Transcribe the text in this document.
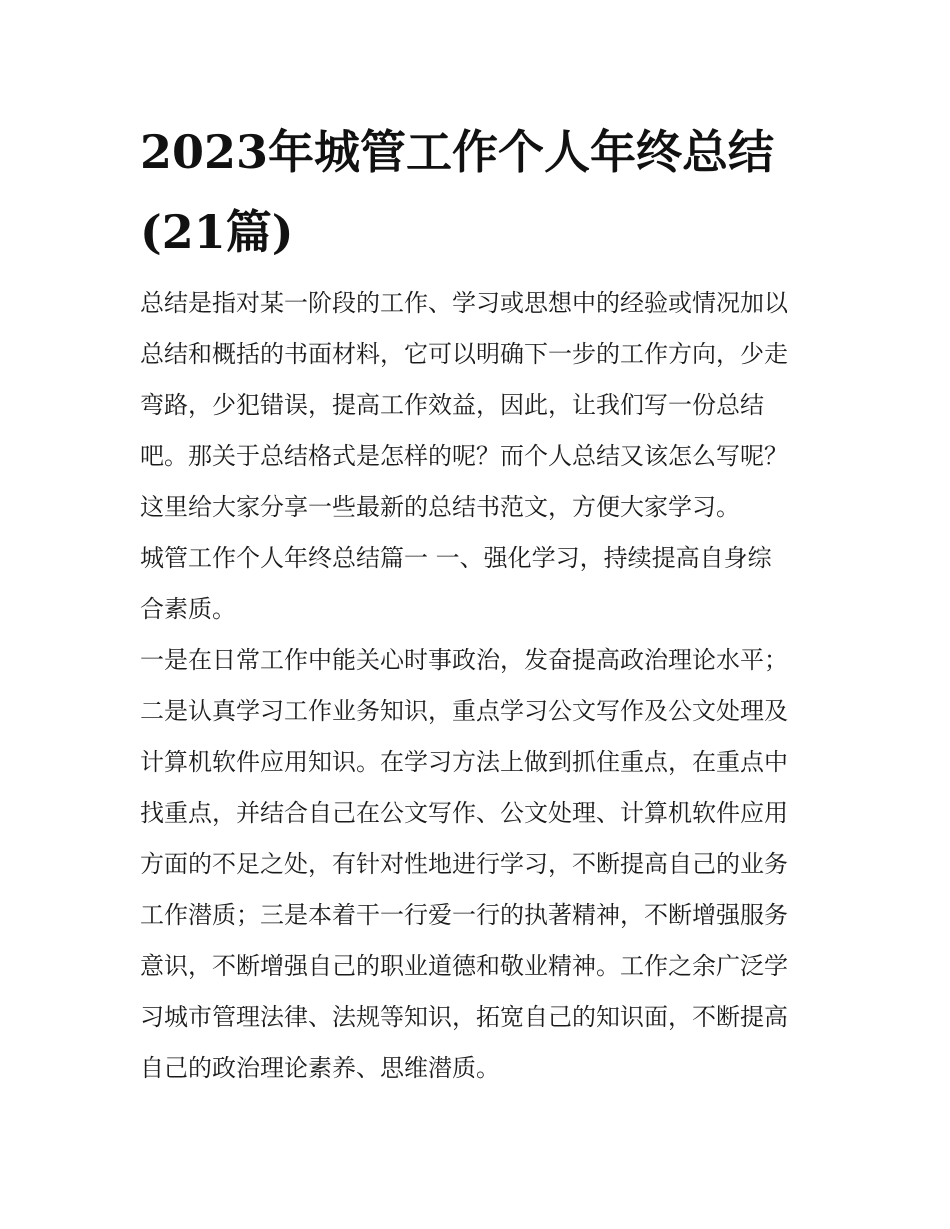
2023年城管工作个人年终总结
(21篇)
总结是指对某一阶段的工作、学习或思想中的经验或情况加以
总结和概括的书面材料，它可以明确下一步的工作方向，少走
弯路，少犯错误，提高工作效益，因此，让我们写一份总结
吧。那关于总结格式是怎样的呢？而个人总结又该怎么写呢？
这里给大家分享一些最新的总结书范文，方便大家学习。
城管工作个人年终总结篇一 一、强化学习，持续提高自身综
合素质。
一是在日常工作中能关心时事政治，发奋提高政治理论水平；
二是认真学习工作业务知识，重点学习公文写作及公文处理及
计算机软件应用知识。在学习方法上做到抓住重点，在重点中
找重点，并结合自己在公文写作、公文处理、计算机软件应用
方面的不足之处，有针对性地进行学习，不断提高自己的业务
工作潜质；三是本着干一行爱一行的执著精神，不断增强服务
意识，不断增强自己的职业道德和敬业精神。工作之余广泛学
习城市管理法律、法规等知识，拓宽自己的知识面，不断提高
自己的政治理论素养、思维潜质。
